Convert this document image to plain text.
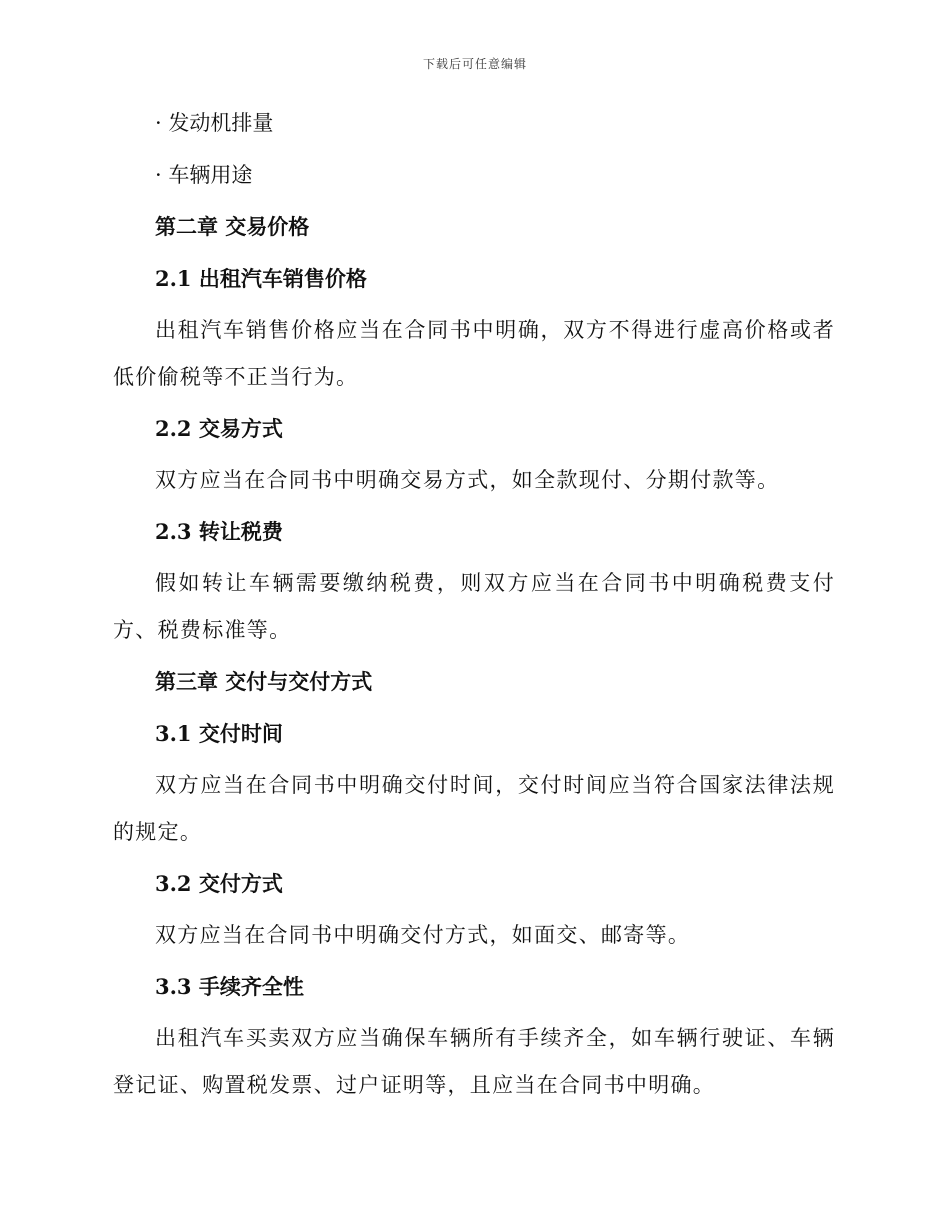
下载后可任意编辑

· 发动机排量

· 车辆用途

第二章 交易价格

2.1 出租汽车销售价格

出租汽车销售价格应当在合同书中明确，双方不得进行虚高价格或者低价偷税等不正当行为。

2.2 交易方式

双方应当在合同书中明确交易方式，如全款现付、分期付款等。

2.3 转让税费

假如转让车辆需要缴纳税费，则双方应当在合同书中明确税费支付方、税费标准等。

第三章 交付与交付方式

3.1 交付时间

双方应当在合同书中明确交付时间，交付时间应当符合国家法律法规的规定。

3.2 交付方式

双方应当在合同书中明确交付方式，如面交、邮寄等。

3.3 手续齐全性

出租汽车买卖双方应当确保车辆所有手续齐全，如车辆行驶证、车辆登记证、购置税发票、过户证明等，且应当在合同书中明确。
